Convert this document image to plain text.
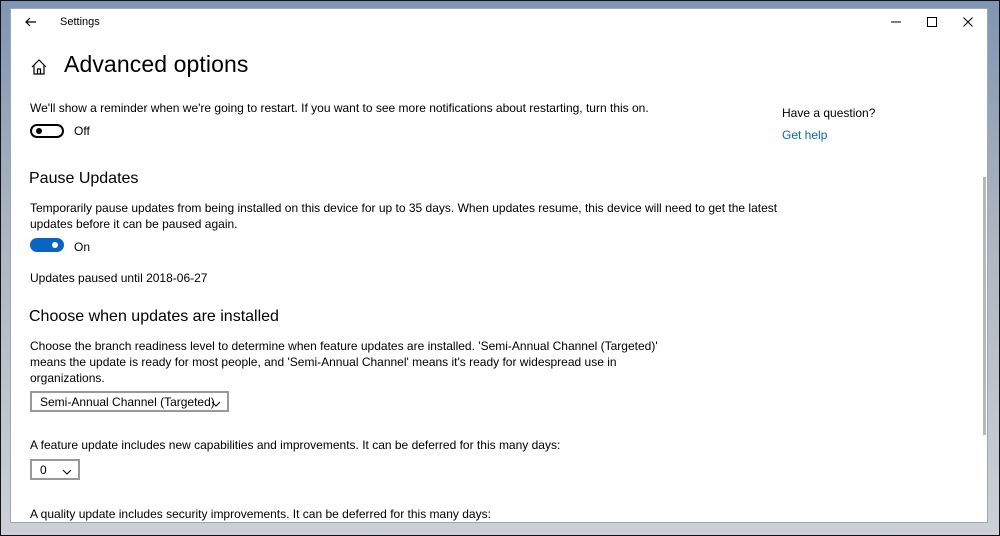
Settings
Advanced options
We'll show a reminder when we're going to restart. If you want to see more notifications about restarting, turn this on.
Off
Pause Updates
Temporarily pause updates from being installed on this device for up to 35 days. When updates resume, this device will need to get the latest
updates before it can be paused again.
On
Updates paused until 2018-06-27
Choose when updates are installed
Choose the branch readiness level to determine when feature updates are installed. 'Semi-Annual Channel (Targeted)'
means the update is ready for most people, and 'Semi-Annual Channel' means it's ready for widespread use in
organizations.
Semi-Annual Channel (Targeted)
A feature update includes new capabilities and improvements. It can be deferred for this many days:
0
A quality update includes security improvements. It can be deferred for this many days:
Have a question?
Get help
